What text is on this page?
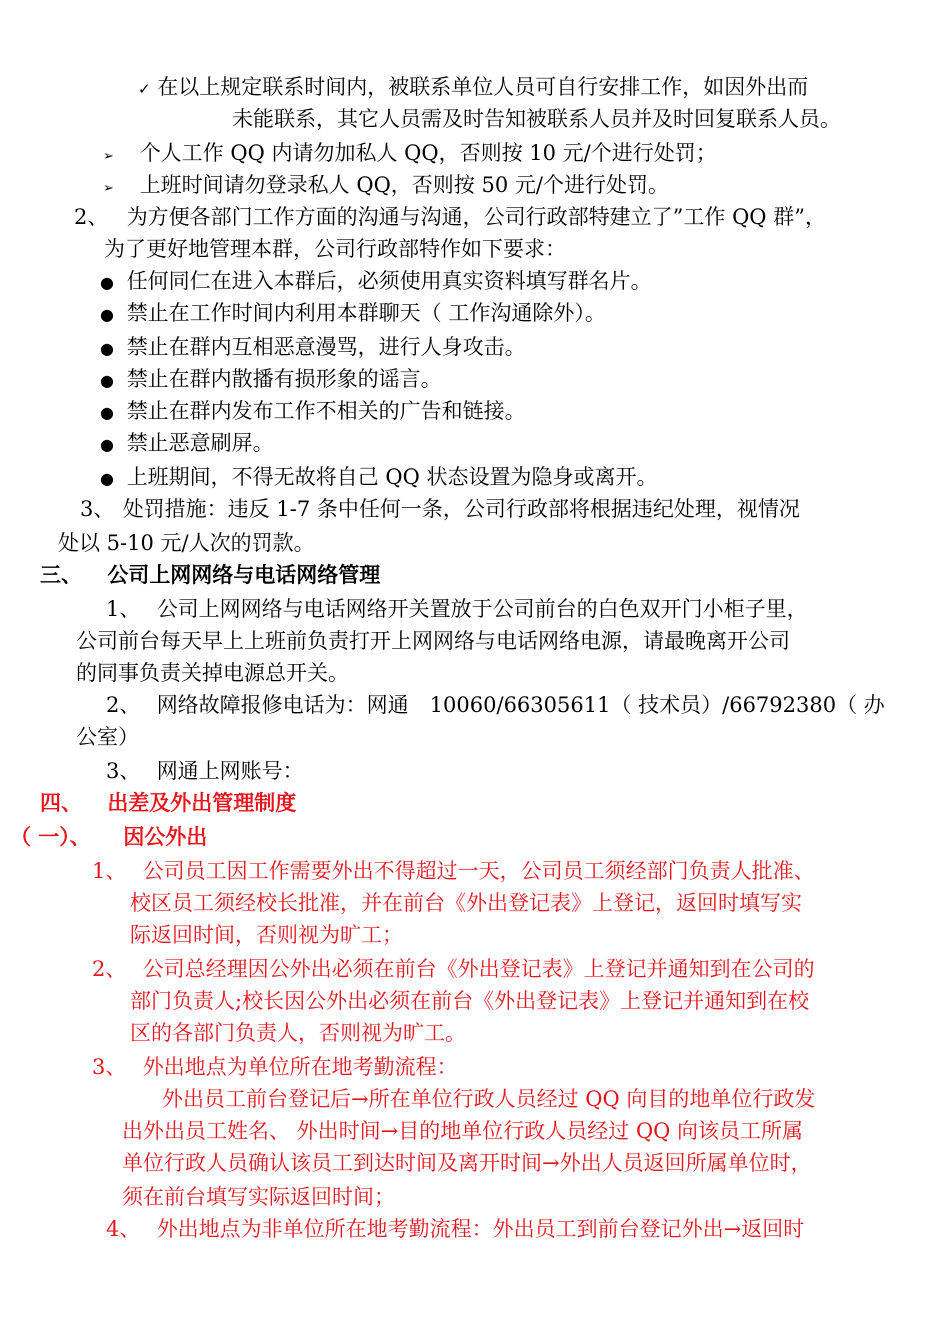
✓ 在以上规定联系时间内，被联系单位人员可自行安排工作，如因外出而
未能联系，其它人员需及时告知被联系人员并及时回复联系人员。
➢ 个人工作 QQ 内请勿加私人 QQ，否则按 10 元/个进行处罚；
➢ 上班时间请勿登录私人 QQ，否则按 50 元/个进行处罚。
2、 为方便各部门工作方面的沟通与沟通，公司行政部特建立了”工作 QQ 群”，
为了更好地管理本群，公司行政部特作如下要求：
● 任何同仁在进入本群后，必须使用真实资料填写群名片。
● 禁止在工作时间内利用本群聊天（ 工作沟通除外）。
● 禁止在群内互相恶意漫骂，进行人身攻击。
● 禁止在群内散播有损形象的谣言。
● 禁止在群内发布工作不相关的广告和链接。
● 禁止恶意刷屏。
● 上班期间，不得无故将自己 QQ 状态设置为隐身或离开。
3、 处罚措施：违反 1-7 条中任何一条，公司行政部将根据违纪处理，视情况
处以 5-10 元/人次的罚款。
三、 公司上网网络与电话网络管理
1、 公司上网网络与电话网络开关置放于公司前台的白色双开门小柜子里，
公司前台每天早上上班前负责打开上网网络与电话网络电源，请最晚离开公司
的同事负责关掉电源总开关。
2、 网络故障报修电话为：网通　10060/66305611（ 技术员）/66792380（ 办
公室）
3、 网通上网账号：
四、 出差及外出管理制度
（ 一）、 因公外出
1、 公司员工因工作需要外出不得超过一天，公司员工须经部门负责人批准、
校区员工须经校长批准，并在前台《外出登记表》上登记，返回时填写实
际返回时间，否则视为旷工；
2、 公司总经理因公外出必须在前台《外出登记表》上登记并通知到在公司的
部门负责人;校长因公外出必须在前台《外出登记表》上登记并通知到在校
区的各部门负责人，否则视为旷工。
3、 外出地点为单位所在地考勤流程：
外出员工前台登记后→所在单位行政人员经过 QQ 向目的地单位行政发
出外出员工姓名、 外出时间→目的地单位行政人员经过 QQ 向该员工所属
单位行政人员确认该员工到达时间及离开时间→外出人员返回所属单位时，
须在前台填写实际返回时间；
4、 外出地点为非单位所在地考勤流程：外出员工到前台登记外出→返回时
